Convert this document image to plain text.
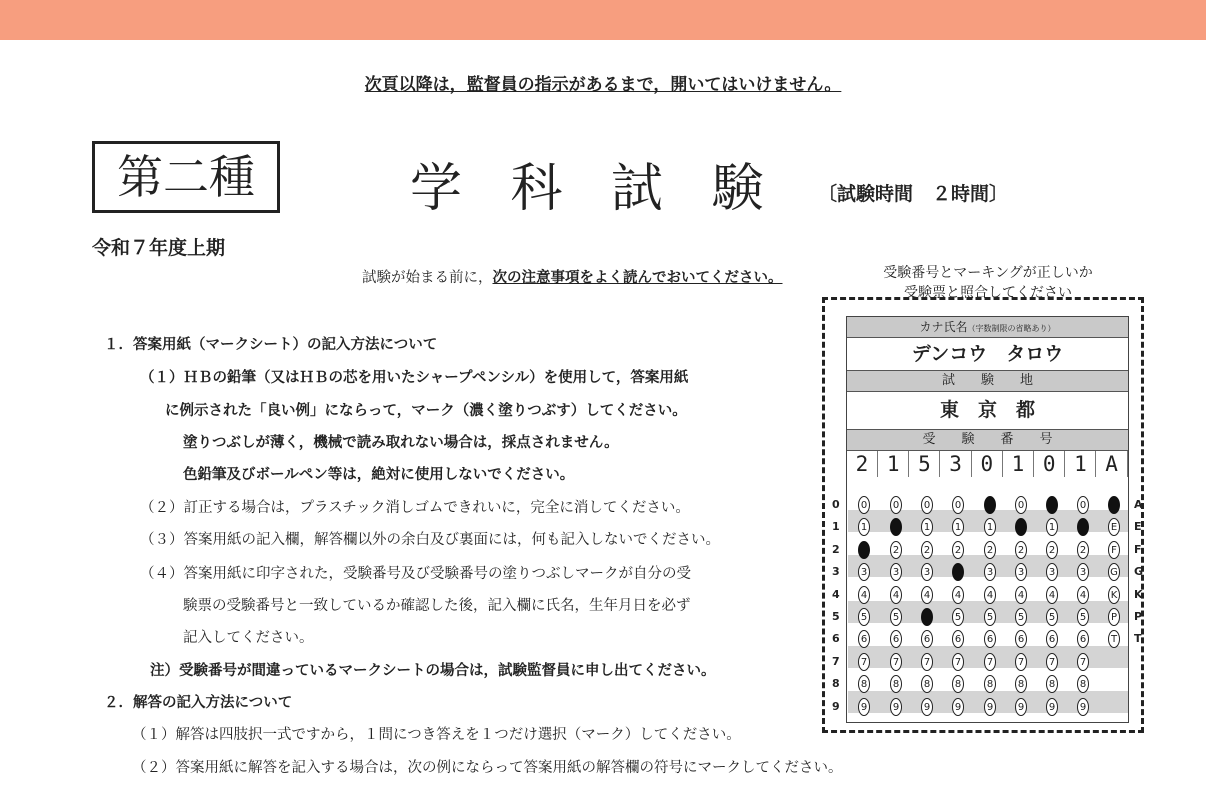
次頁以降は，監督員の指示があるまで，開いてはいけません。
第二種	学 科 試 験 〔試験時間　２時間〕
令和７年度上期
試験が始まる前に，次の注意事項をよく読んでおいてください。	受験番号とマーキングが正しいか
受験票と照合してください
１．答案用紙（マークシート）の記入方法について
（１）ＨＢの鉛筆（又はＨＢの芯を用いたシャープペンシル）を使用して，答案用紙
に例示された「良い例」にならって，マーク（濃く塗りつぶす）してください。
塗りつぶしが薄く，機械で読み取れない場合は，採点されません。
色鉛筆及びボールペン等は，絶対に使用しないでください。
（２）訂正する場合は，プラスチック消しゴムできれいに，完全に消してください。
（３）答案用紙の記入欄，解答欄以外の余白及び裏面には，何も記入しないでください。
（４）答案用紙に印字された，受験番号及び受験番号の塗りつぶしマークが自分の受
験票の受験番号と一致しているか確認した後，記入欄に氏名，生年月日を必ず
記入してください。
注）受験番号が間違っているマークシートの場合は，試験監督員に申し出てください。
２．解答の記入方法について
（１）解答は四肢択一式ですから，１問につき答えを１つだけ選択（マーク）してください。
（２）答案用紙に解答を記入する場合は，次の例にならって答案用紙の解答欄の符号にマークしてください。
カナ氏名（字数制限の省略あり）
デンコウ　タロウ
試　　験　　地
東　京　都
受　　験　　番　　号
2 1 5 3 0 1 0 1 A
0
1
2
3
4
5
6
7
8
9
0
1
3
4
5
6
7
8
9
0
2
3
4
5
6
7
8
9
0
1
2
3
4
6
7
8
9
0
1
2
4
5
6
7
8
9
1
2
3
4
5
6
7
8
9
0
2
3
4
5
6
7
8
9
1
2
3
4
5
6
7
8
9
0
2
3
4
5
6
7
8
9
E
F
G
K
P
T
A
E
F
G
K
P
T
